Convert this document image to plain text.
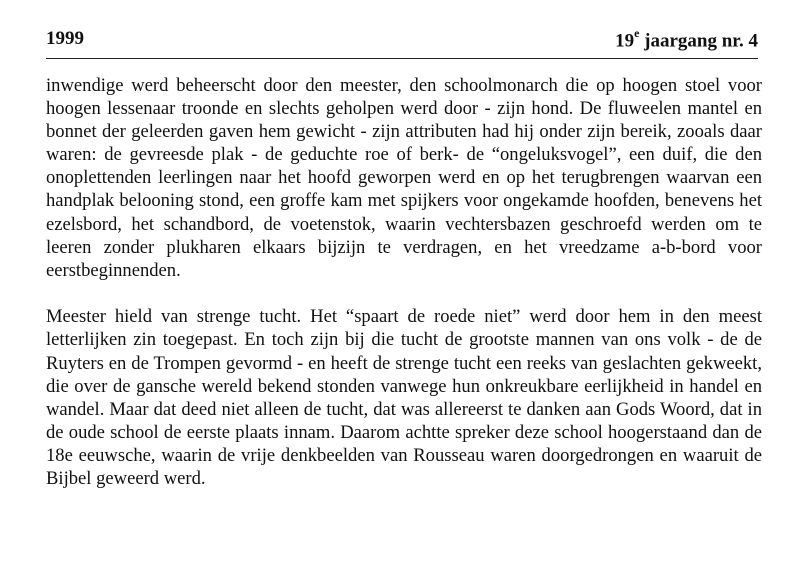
1999	19e jaargang nr. 4

inwendige werd beheerscht door den meester, den schoolmonarch die op hoogen stoel voor hoogen lessenaar troonde en slechts geholpen werd door - zijn hond. De fluweelen mantel en bonnet der geleerden gaven hem gewicht - zijn attributen had hij onder zijn bereik, zooals daar waren: de gevreesde plak - de geduchte roe of berk- de “ongeluksvogel”, een duif, die den onoplettenden leerlingen naar het hoofd geworpen werd en op het terugbrengen waarvan een handplak belooning stond, een groffe kam met spijkers voor ongekamde hoofden, benevens het ezelsbord, het schandbord, de voetenstok, waarin vechtersbazen geschroefd werden om te leeren zonder plukharen elkaars bijzijn te verdragen, en het vreedzame a-b-bord voor eerstbeginnenden.

Meester hield van strenge tucht. Het “spaart de roede niet” werd door hem in den meest letterlijken zin toegepast. En toch zijn bij die tucht de grootste mannen van ons volk - de de Ruyters en de Trompen gevormd - en heeft de strenge tucht een reeks van geslachten gekweekt, die over de gansche wereld bekend stonden vanwege hun onkreukbare eerlijkheid in handel en wandel. Maar dat deed niet alleen de tucht, dat was allereerst te danken aan Gods Woord, dat in de oude school de eerste plaats innam. Daarom achtte spreker deze school hoogerstaand dan de 18e eeuwsche, waarin de vrije denkbeelden van Rousseau waren doorgedrongen en waaruit de Bijbel geweerd werd.
